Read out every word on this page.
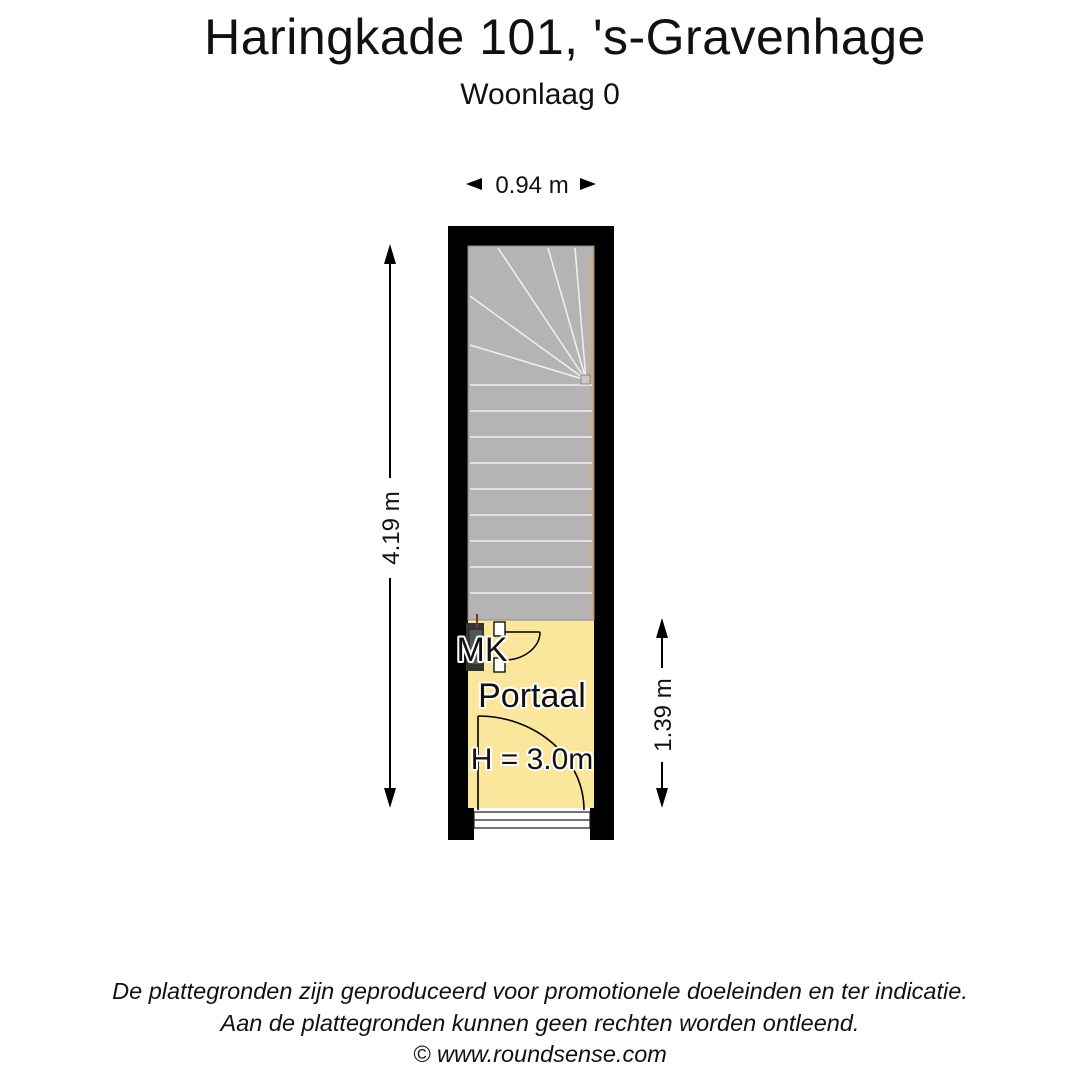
Haringkade 101, 's-Gravenhage
Woonlaag 0
MK
Portaal
H = 3.0m
0.94 m
4.19 m
1.39 m
De plattegronden zijn geproduceerd voor promotionele doeleinden en ter indicatie.
Aan de plattegronden kunnen geen rechten worden ontleend.
© www.roundsense.com
